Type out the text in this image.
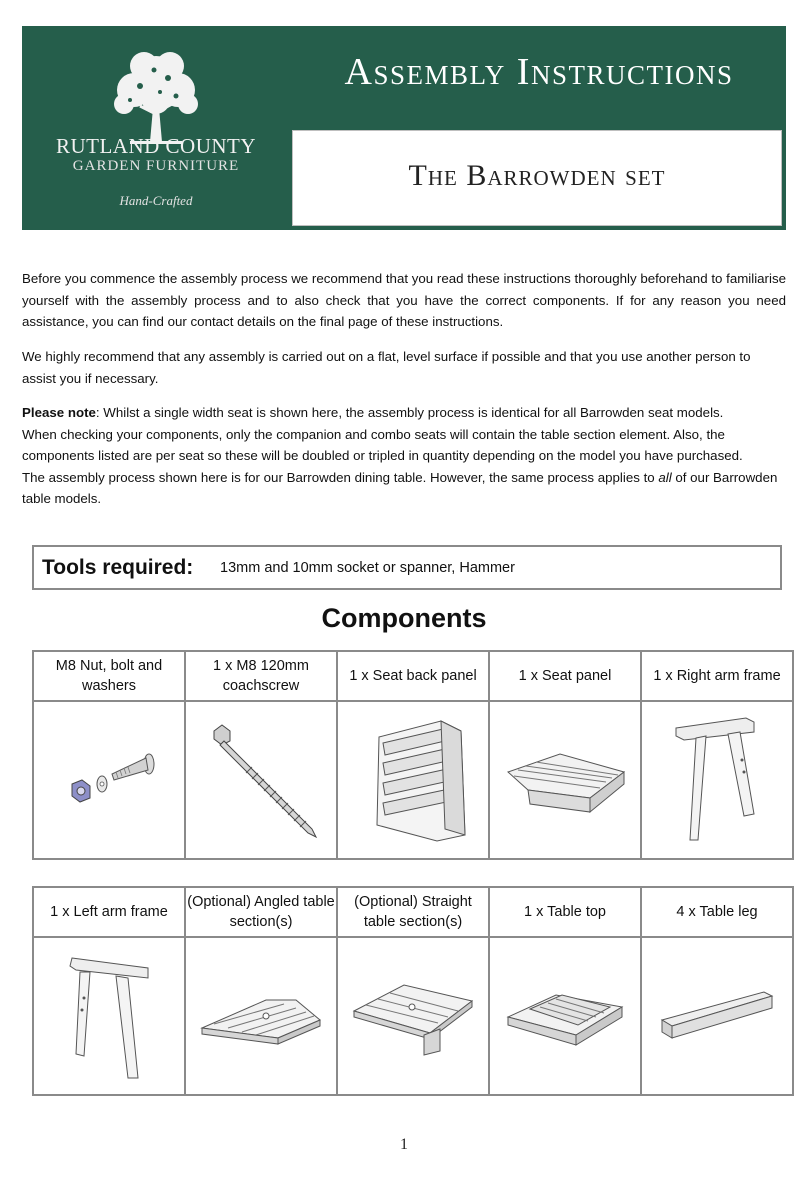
RUTLAND COUNTY
GARDEN FURNITURE
Hand-Crafted
Assembly Instructions
The Barrowden set

Before you commence the assembly process we recommend that you read these instructions thoroughly beforehand to familiarise yourself with the assembly process and to also check that you have the correct components. If for any reason you need assistance, you can find our contact details on the final page of these instructions.

We highly recommend that any assembly is carried out on a flat, level surface if possible and that you use another person to assist you if necessary.

Please note: Whilst a single width seat is shown here, the assembly process is identical for all Barrowden seat models.
When checking your components, only the companion and combo seats will contain the table section element. Also, the components listed are per seat so these will be doubled or tripled in quantity depending on the model you have purchased.
The assembly process shown here is for our Barrowden dining table. However, the same process applies to all of our Barrowden table models.
Tools required: 13mm and 10mm socket or spanner, Hammer
Components
M8 Nut, bolt and washers	1 x M8 120mm coachscrew	1 x Seat back panel	1 x Seat panel	1 x Right arm frame

1 x Left arm frame	(Optional) Angled table section(s)	(Optional) Straight table section(s)	1 x Table top	4 x Table leg

1
